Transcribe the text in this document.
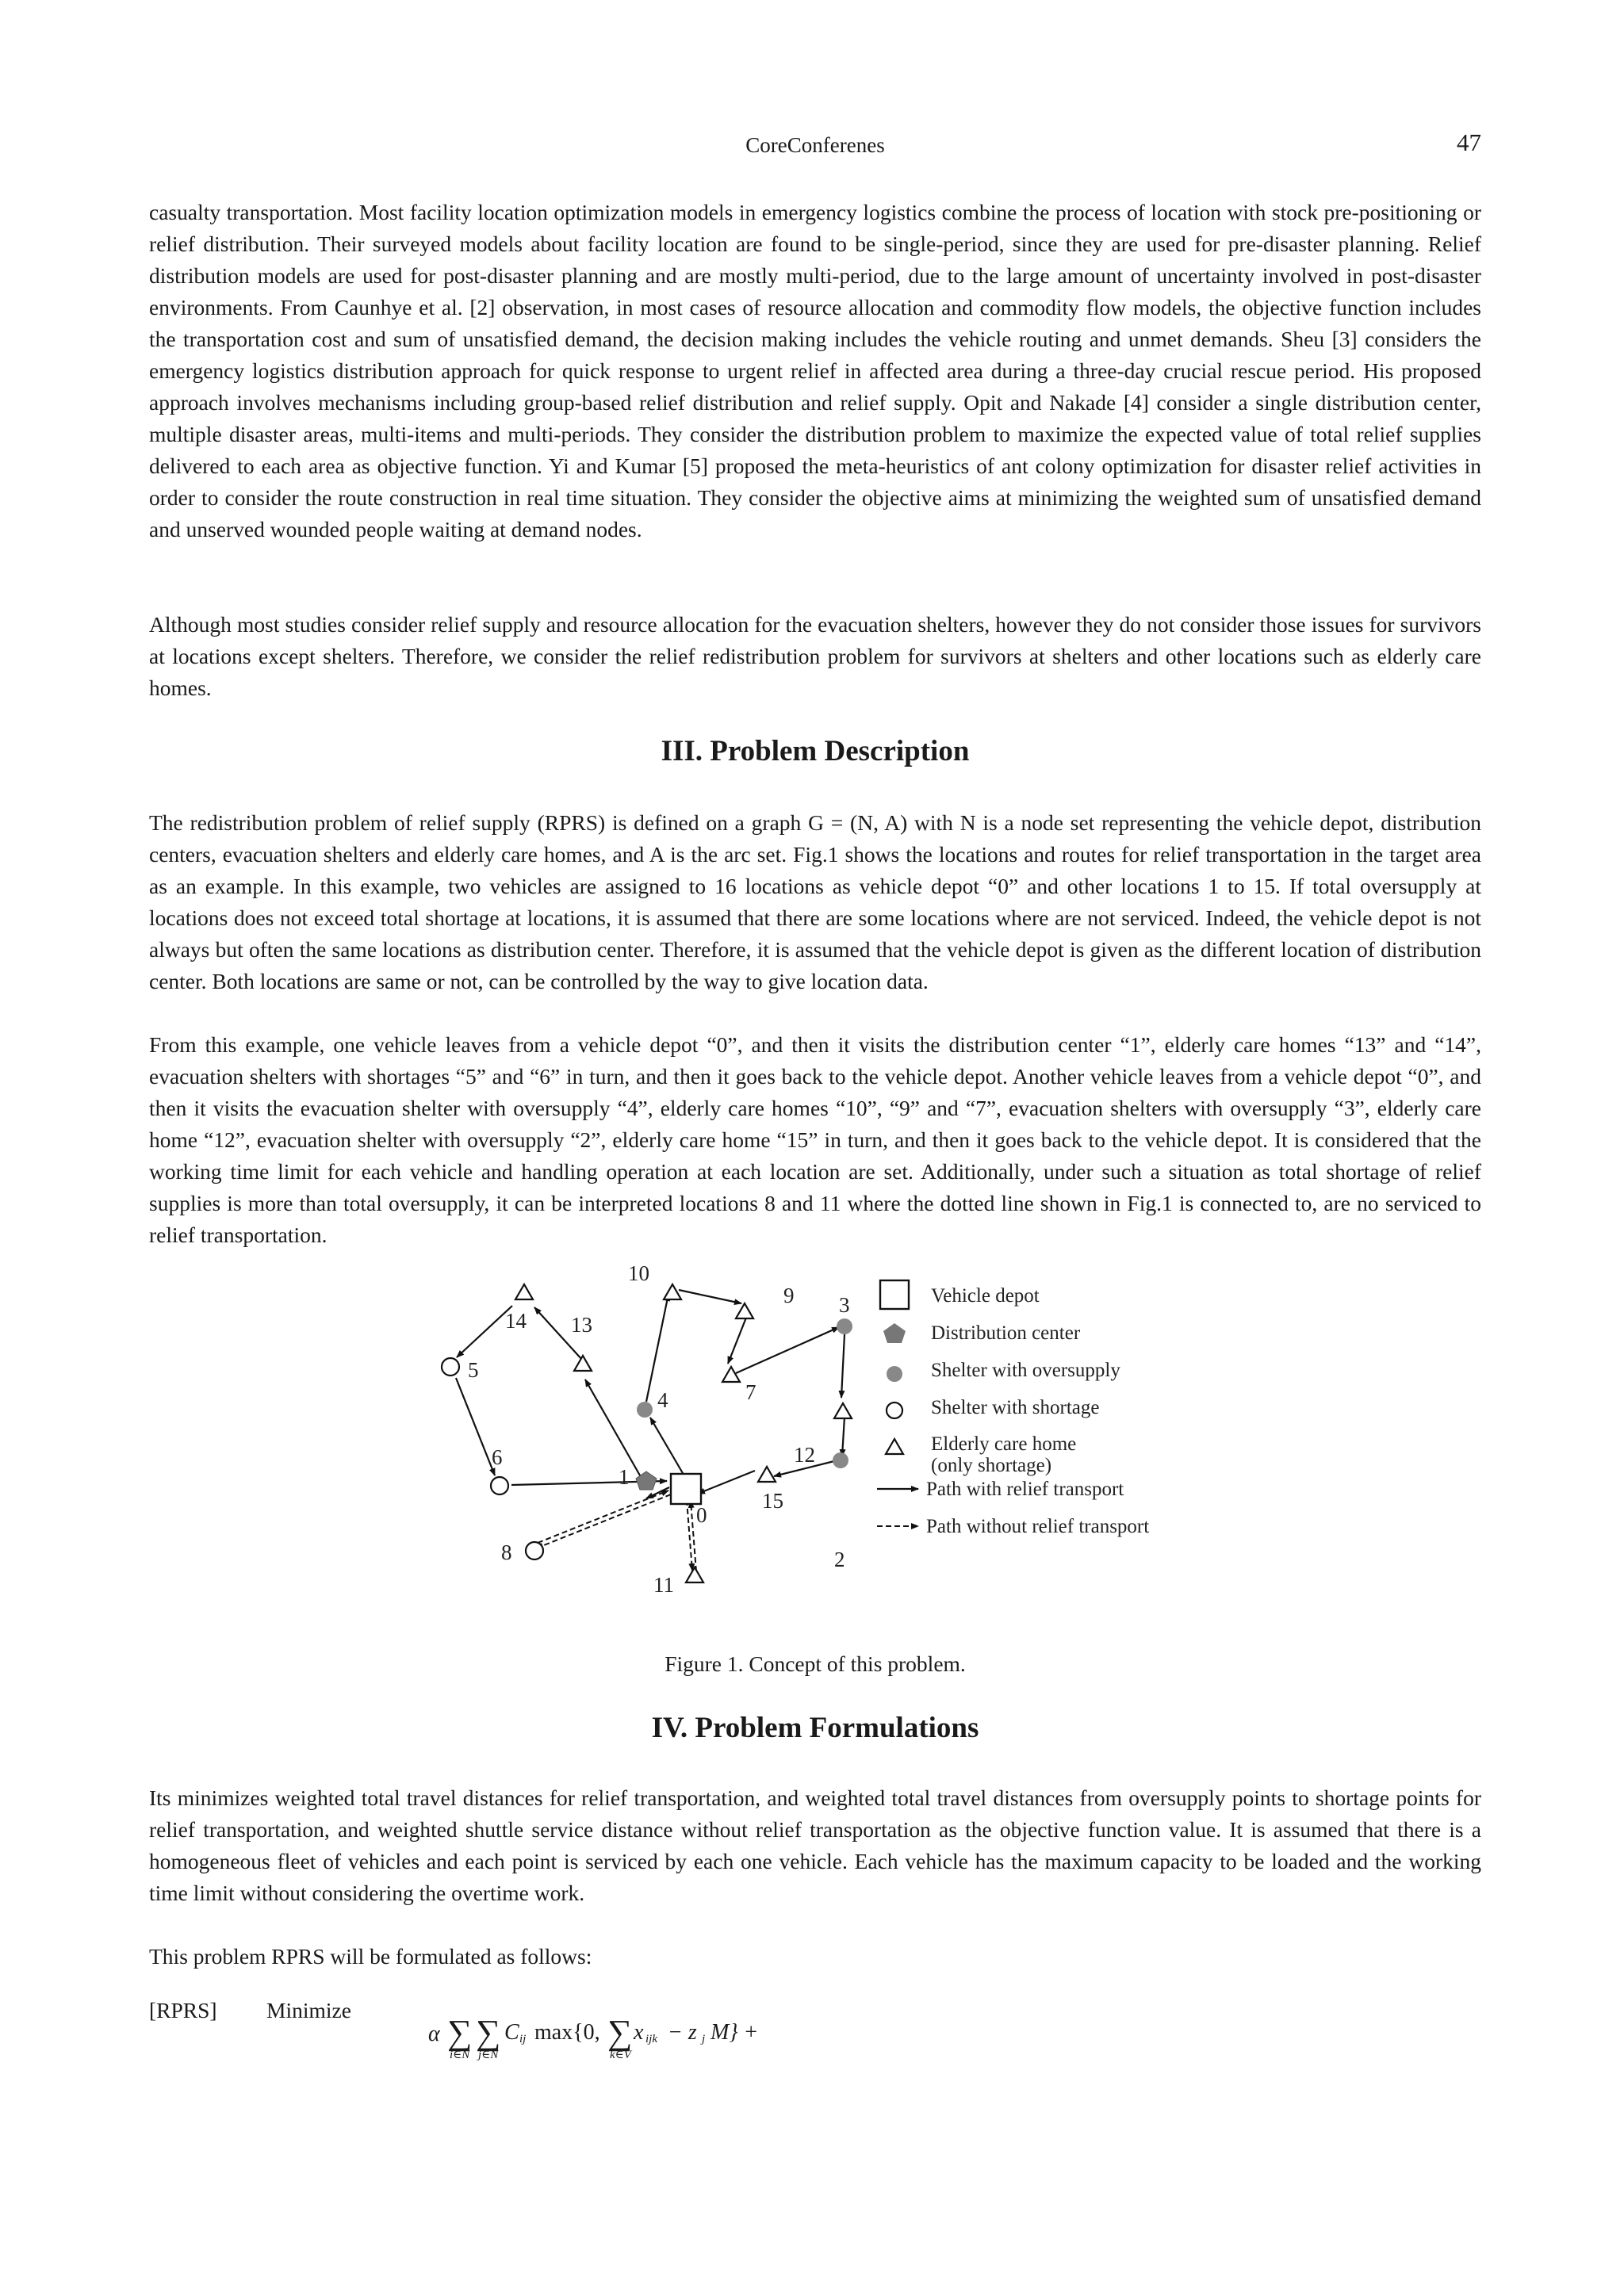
CoreConferenes	47
casualty transportation. Most facility location optimization models in emergency logistics combine the process of location with stock pre-positioning or relief distribution. Their surveyed models about facility location are found to be single-period, since they are used for pre-disaster planning. Relief distribution models are used for post-disaster planning and are mostly multi-period, due to the large amount of uncertainty involved in post-disaster environments. From Caunhye et al. [2] observation, in most cases of resource allocation and commodity flow models, the objective function includes the transportation cost and sum of unsatisfied demand, the decision making includes the vehicle routing and unmet demands. Sheu [3] considers the emergency logistics distribution approach for quick response to urgent relief in affected area during a three-day crucial rescue period. His proposed approach involves mechanisms including group-based relief distribution and relief supply. Opit and Nakade [4] consider a single distribution center, multiple disaster areas, multi-items and multi-periods. They consider the distribution problem to maximize the expected value of total relief supplies delivered to each area as objective function. Yi and Kumar [5] proposed the meta-heuristics of ant colony optimization for disaster relief activities in order to consider the route construction in real time situation. They consider the objective aims at minimizing the weighted sum of unsatisfied demand and unserved wounded people waiting at demand nodes.
Although most studies consider relief supply and resource allocation for the evacuation shelters, however they do not consider those issues for survivors at locations except shelters. Therefore, we consider the relief redistribution problem for survivors at shelters and other locations such as elderly care homes.
III. Problem Description
The redistribution problem of relief supply (RPRS) is defined on a graph G = (N, A) with N is a node set representing the vehicle depot, distribution centers, evacuation shelters and elderly care homes, and A is the arc set. Fig.1 shows the locations and routes for relief transportation in the target area as an example. In this example, two vehicles are assigned to 16 locations as vehicle depot “0” and other locations 1 to 15. If total oversupply at locations does not exceed total shortage at locations, it is assumed that there are some locations where are not serviced. Indeed, the vehicle depot is not always but often the same locations as distribution center. Therefore, it is assumed that the vehicle depot is given as the different location of distribution center. Both locations are same or not, can be controlled by the way to give location data.
From this example, one vehicle leaves from a vehicle depot “0”, and then it visits the distribution center “1”, elderly care homes “13” and “14”, evacuation shelters with shortages “5” and “6” in turn, and then it goes back to the vehicle depot. Another vehicle leaves from a vehicle depot “0”, and then it visits the evacuation shelter with oversupply “4”, elderly care homes “10”, “9” and “7”, evacuation shelters with oversupply “3”, elderly care home “12”, evacuation shelter with oversupply “2”, elderly care home “15” in turn, and then it goes back to the vehicle depot. It is considered that the working time limit for each vehicle and handling operation at each location are set. Additionally, under such a situation as total shortage of relief supplies is more than total oversupply, it can be interpreted locations 8 and 11 where the dotted line shown in Fig.1 is connected to, are no serviced to relief transportation.
0
1
2
3
4
5
6
7
8
9
10
11
12
13
14
15
Vehicle depot
Distribution center
Shelter with oversupply
Shelter with shortage
Elderly care home
(only shortage)
Path with relief transport
Path without relief transport
Figure 1. Concept of this problem.
IV. Problem Formulations
Its minimizes weighted total travel distances for relief transportation, and weighted total travel distances from oversupply points to shortage points for relief transportation, and weighted shuttle service distance without relief transportation as the objective function value. It is assumed that there is a homogeneous fleet of vehicles and each point is serviced by each one vehicle. Each vehicle has the maximum capacity to be loaded and the working time limit without considering the overtime work.
This problem RPRS will be formulated as follows:
[RPRS] Minimize
α ∑
i∈N
∑
j∈N
C ij max{0, ∑
k∈V
x ijk − z j M} +
